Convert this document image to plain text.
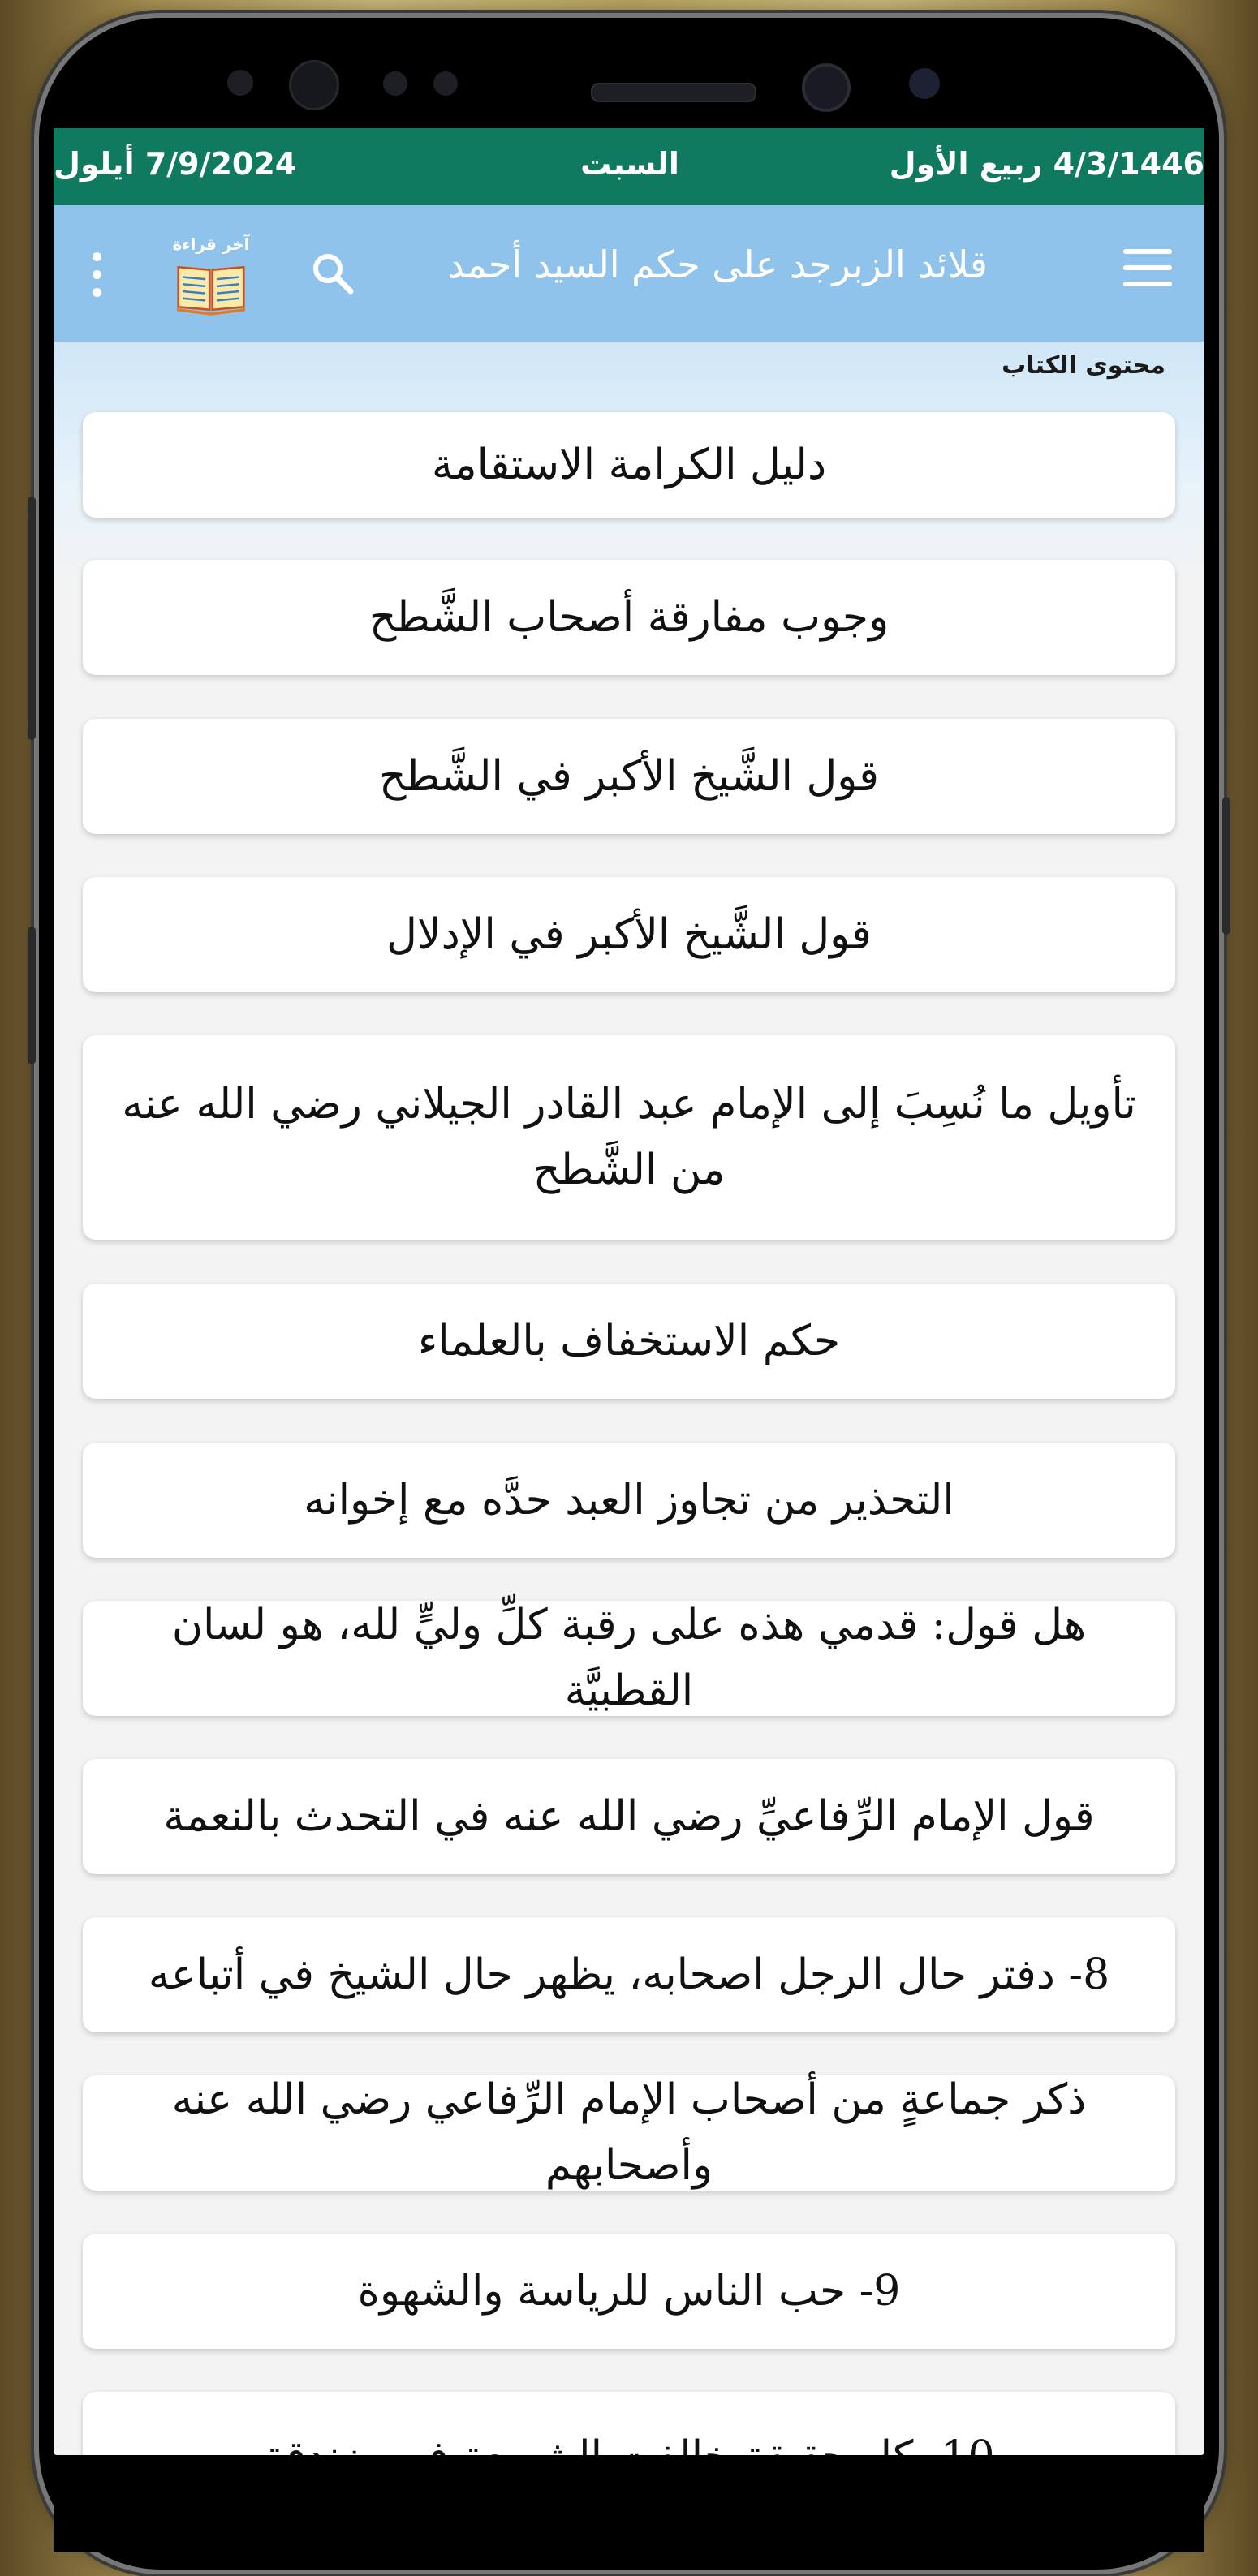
7/9/2024 أيلول	السبت	4/3/1446 ربيع الأول
قلائد الزبرجد على حكم السيد أحمد
آخر قراءة
محتوى الكتاب
دليل الكرامة الاستقامة
وجوب مفارقة أصحاب الشَّطح
قول الشَّيخ الأكبر في الشَّطح
قول الشَّيخ الأكبر في الإدلال
تأويل ما نُسِبَ إلى الإمام عبد القادر الجيلاني رضي الله عنه من الشَّطح
حكم الاستخفاف بالعلماء
التحذير من تجاوز العبد حدَّه مع إخوانه
هل قول: قدمي هذه على رقبة كلِّ وليٍّ لله، هو لسان القطبيَّة
قول الإمام الرِّفاعيِّ رضي الله عنه في التحدث بالنعمة
8- دفتر حال الرجل اصحابه، يظهر حال الشيخ في أتباعه
ذكر جماعةٍ من أصحاب الإمام الرِّفاعي رضي الله عنه وأصحابهم
9- حب الناس للرياسة والشهوة
